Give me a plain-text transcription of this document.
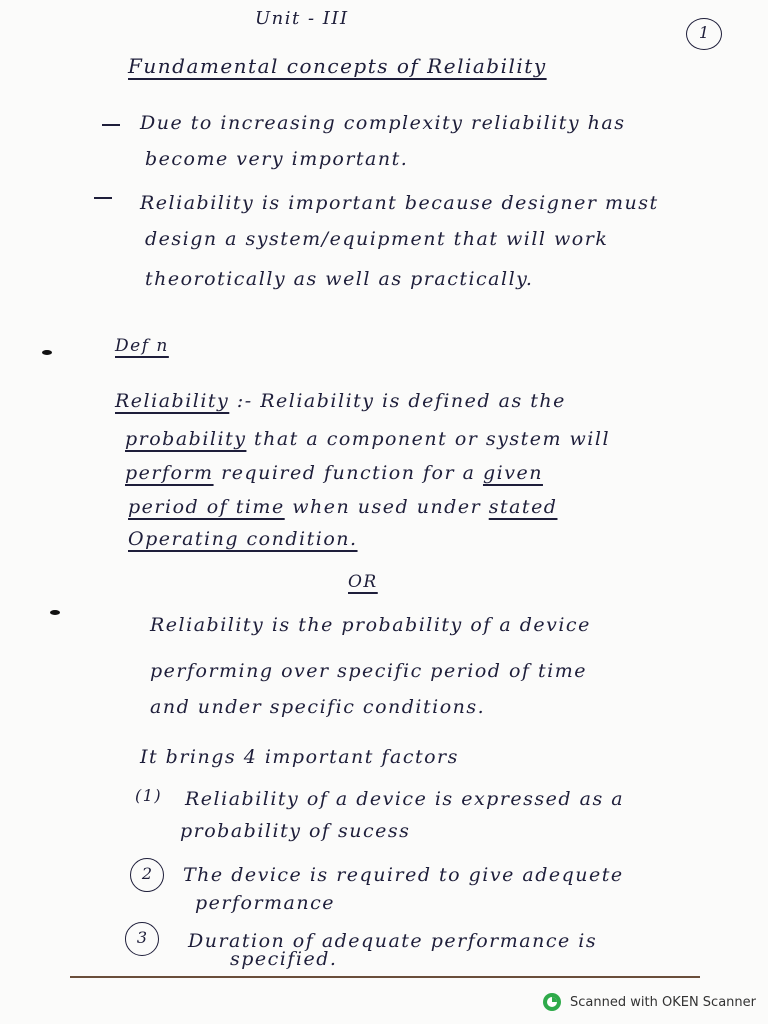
Unit - III
1
Fundamental concepts of Reliability
Due to increasing complexity reliability has
become very important.
Reliability is important because designer must
design a system/equipment that will work
theorotically as well as practically.
Def n
Reliability :- Reliability is defined as the
probability that a component or system will
perform required function for a given
period of time when used under stated
Operating condition.
OR
Reliability is the probability of a device
performing over specific period of time
and under specific conditions.
It brings 4 important factors
(1) Reliability of a device is expressed as a
probability of sucess
2	The device is required to give adequete
performance
3	Duration of adequate performance is
specified.
Scanned with OKEN Scanner
